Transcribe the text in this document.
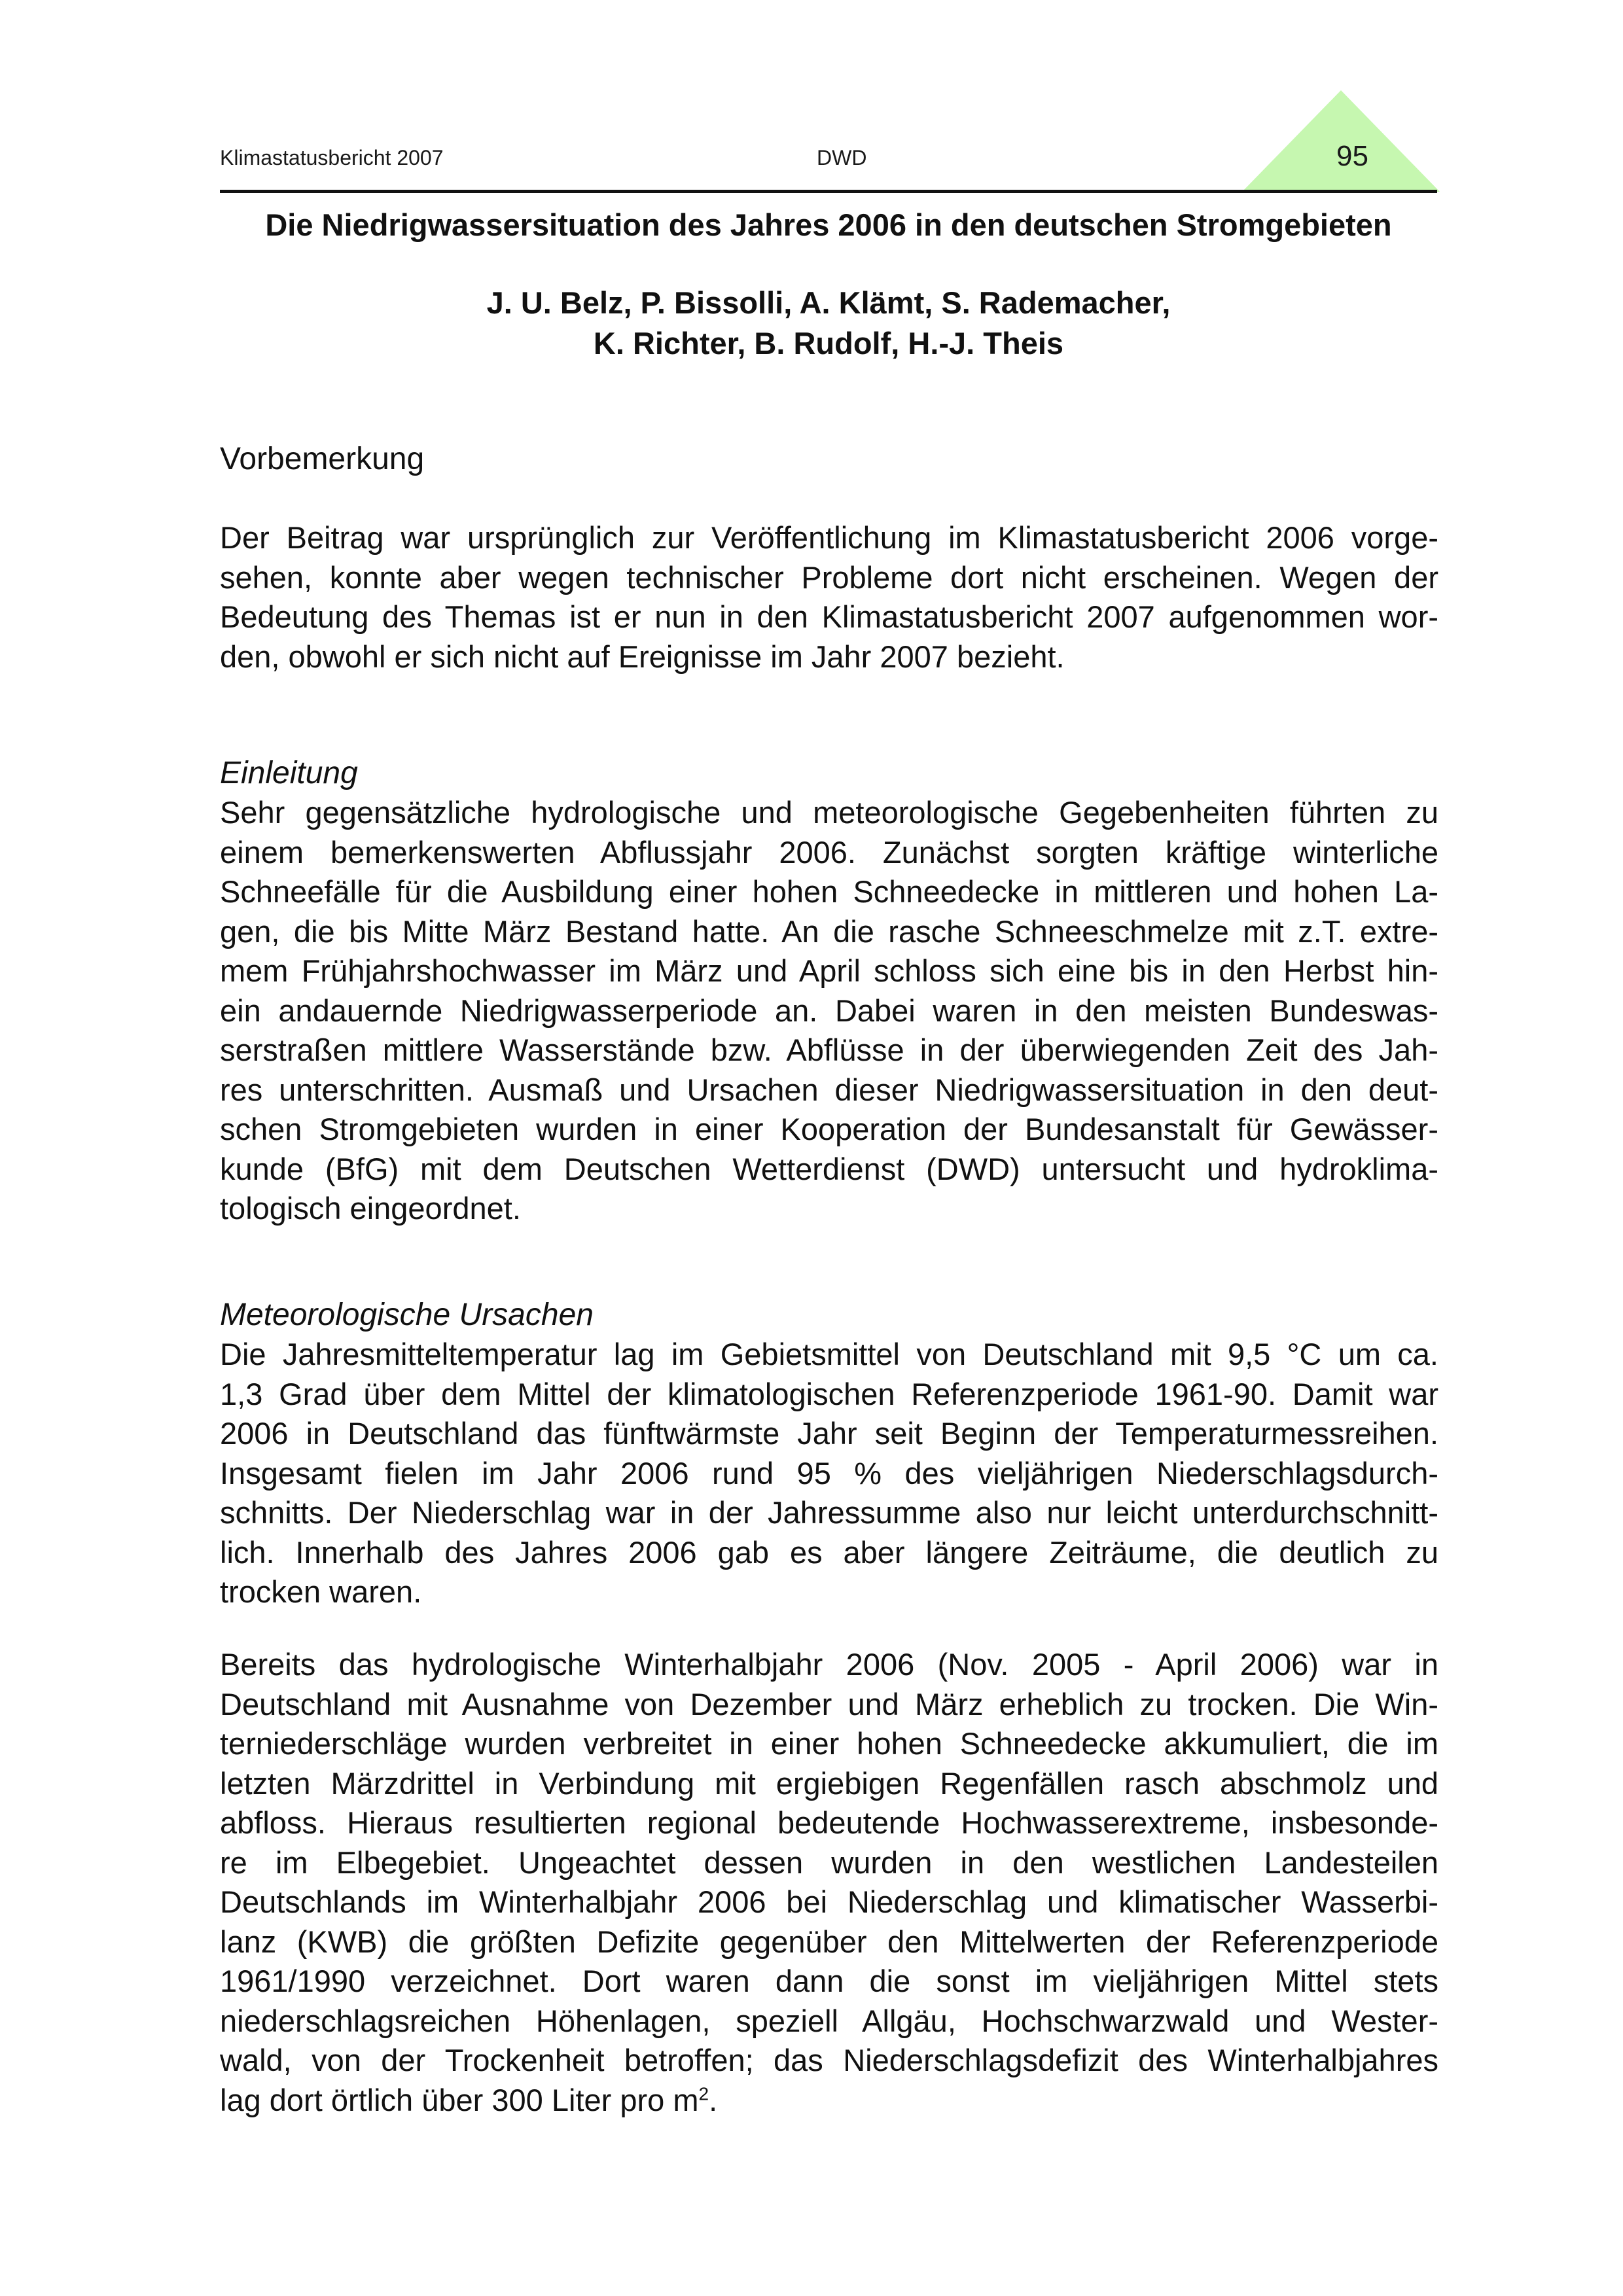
Klimastatusbericht 2007	DWD	95
Die Niedrigwassersituation des Jahres 2006 in den deutschen Stromgebieten
J. U. Belz, P. Bissolli, A. Klämt, S. Rademacher,
K. Richter, B. Rudolf, H.-J. Theis
Vorbemerkung
Der Beitrag war ursprünglich zur Veröffentlichung im Klimastatusbericht 2006 vorge-
sehen, konnte aber wegen technischer Probleme dort nicht erscheinen. Wegen der
Bedeutung des Themas ist er nun in den Klimastatusbericht 2007 aufgenommen wor-
den, obwohl er sich nicht auf Ereignisse im Jahr 2007 bezieht.
Einleitung
Sehr gegensätzliche hydrologische und meteorologische Gegebenheiten führten zu
einem bemerkenswerten Abflussjahr 2006. Zunächst sorgten kräftige winterliche
Schneefälle für die Ausbildung einer hohen Schneedecke in mittleren und hohen La-
gen, die bis Mitte März Bestand hatte. An die rasche Schneeschmelze mit z.T. extre-
mem Frühjahrshochwasser im März und April schloss sich eine bis in den Herbst hin-
ein andauernde Niedrigwasserperiode an. Dabei waren in den meisten Bundeswas-
serstraßen mittlere Wasserstände bzw. Abflüsse in der überwiegenden Zeit des Jah-
res unterschritten. Ausmaß und Ursachen dieser Niedrigwassersituation in den deut-
schen Stromgebieten wurden in einer Kooperation der Bundesanstalt für Gewässer-
kunde (BfG) mit dem Deutschen Wetterdienst (DWD) untersucht und hydroklima-
tologisch eingeordnet.
Meteorologische Ursachen
Die Jahresmitteltemperatur lag im Gebietsmittel von Deutschland mit 9,5 °C um ca.
1,3 Grad über dem Mittel der klimatologischen Referenzperiode 1961-90. Damit war
2006 in Deutschland das fünftwärmste Jahr seit Beginn der Temperaturmessreihen.
Insgesamt fielen im Jahr 2006 rund 95 % des vieljährigen Niederschlagsdurch-
schnitts. Der Niederschlag war in der Jahressumme also nur leicht unterdurchschnitt-
lich. Innerhalb des Jahres 2006 gab es aber längere Zeiträume, die deutlich zu
trocken waren.
Bereits das hydrologische Winterhalbjahr 2006 (Nov. 2005 - April 2006) war in
Deutschland mit Ausnahme von Dezember und März erheblich zu trocken. Die Win-
terniederschläge wurden verbreitet in einer hohen Schneedecke akkumuliert, die im
letzten Märzdrittel in Verbindung mit ergiebigen Regenfällen rasch abschmolz und
abfloss. Hieraus resultierten regional bedeutende Hochwasserextreme, insbesonde-
re im Elbegebiet. Ungeachtet dessen wurden in den westlichen Landesteilen
Deutschlands im Winterhalbjahr 2006 bei Niederschlag und klimatischer Wasserbi-
lanz (KWB) die größten Defizite gegenüber den Mittelwerten der Referenzperiode
1961/1990 verzeichnet. Dort waren dann die sonst im vieljährigen Mittel stets
niederschlagsreichen Höhenlagen, speziell Allgäu, Hochschwarzwald und Wester-
wald, von der Trockenheit betroffen; das Niederschlagsdefizit des Winterhalbjahres
lag dort örtlich über 300 Liter pro $m^2$.
